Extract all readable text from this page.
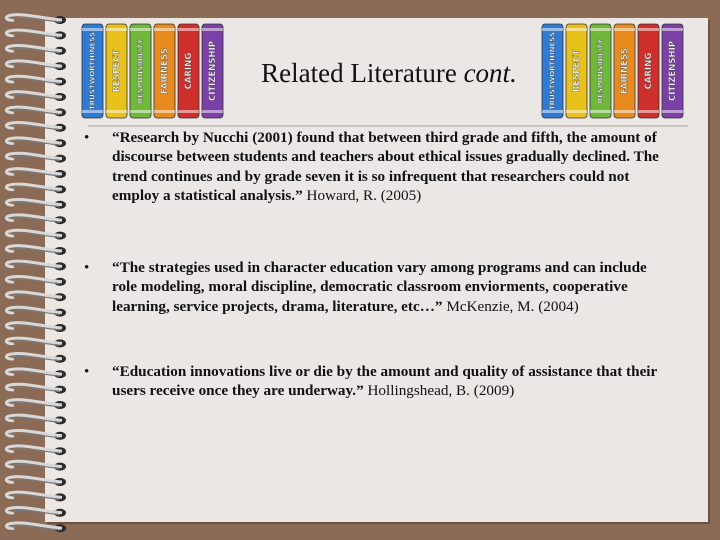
TRUSTWORTHINESS RESPECT RESPONSIBILITY FAIRNESS CARING CITIZENSHIP	TRUSTWORTHINESS RESPECT RESPONSIBILITY FAIRNESS CARING CITIZENSHIP
Related Literature cont.
• “Research by Nucchi (2001) found that between third grade and fifth, the amount of discourse between students and teachers about ethical issues gradually declined. The trend continues and by grade seven it is so infrequent that researchers could not employ a statistical analysis.” Howard, R. (2005)
• “The strategies used in character education vary among programs and can include role modeling, moral discipline, democratic classroom enviorments, cooperative learning, service projects, drama, literature, etc…” McKenzie, M. (2004)
• “Education innovations live or die by the amount and quality of assistance that their users receive once they are underway.” Hollingshead, B. (2009)
